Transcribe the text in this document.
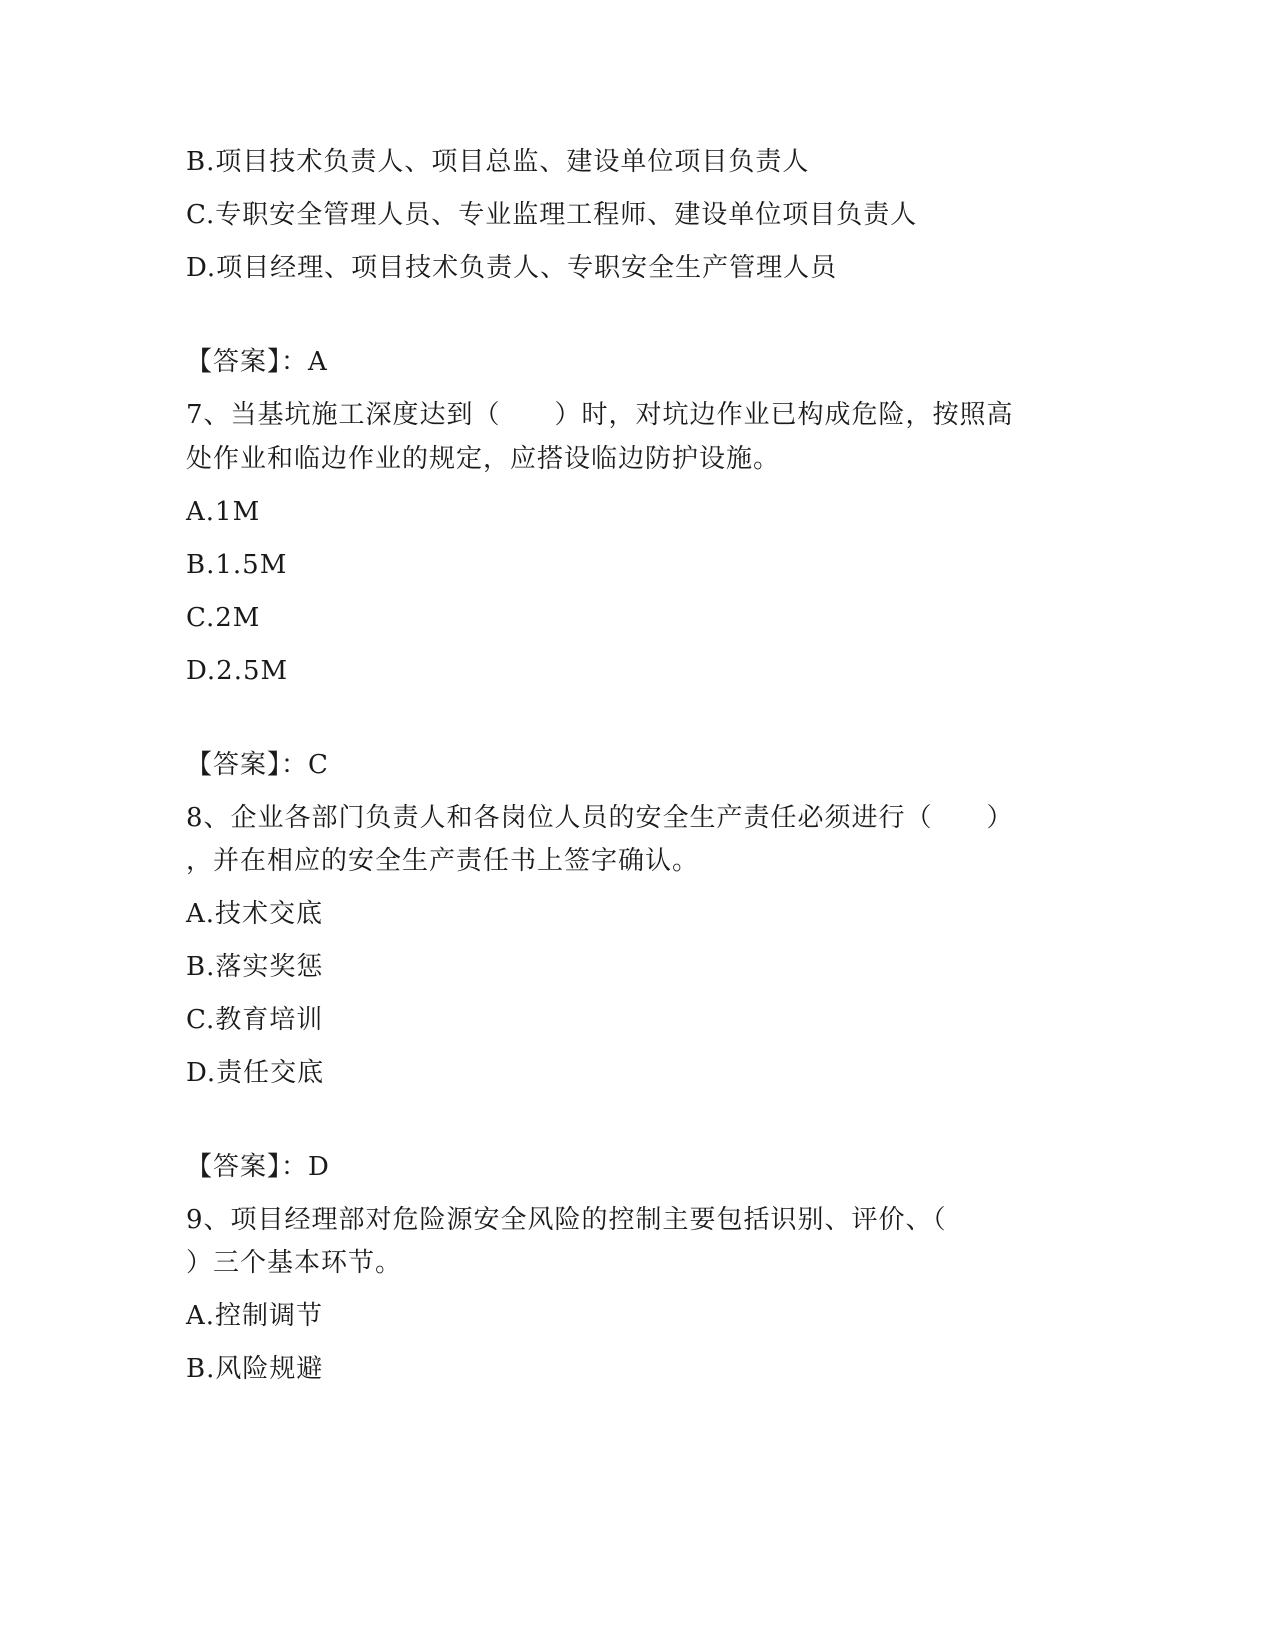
B.项目技术负责人、项目总监、建设单位项目负责人
C.专职安全管理人员、专业监理工程师、建设单位项目负责人
D.项目经理、项目技术负责人、专职安全生产管理人员
【答案】：A
7、当基坑施工深度达到（　　）时，对坑边作业已构成危险，按照高
处作业和临边作业的规定，应搭设临边防护设施。
A.1M
B.1.5M
C.2M
D.2.5M
【答案】：C
8、企业各部门负责人和各岗位人员的安全生产责任必须进行（　　）
，并在相应的安全生产责任书上签字确认。
A.技术交底
B.落实奖惩
C.教育培训
D.责任交底
【答案】：D
9、项目经理部对危险源安全风险的控制主要包括识别、评价、（
）三个基本环节。
A.控制调节
B.风险规避
